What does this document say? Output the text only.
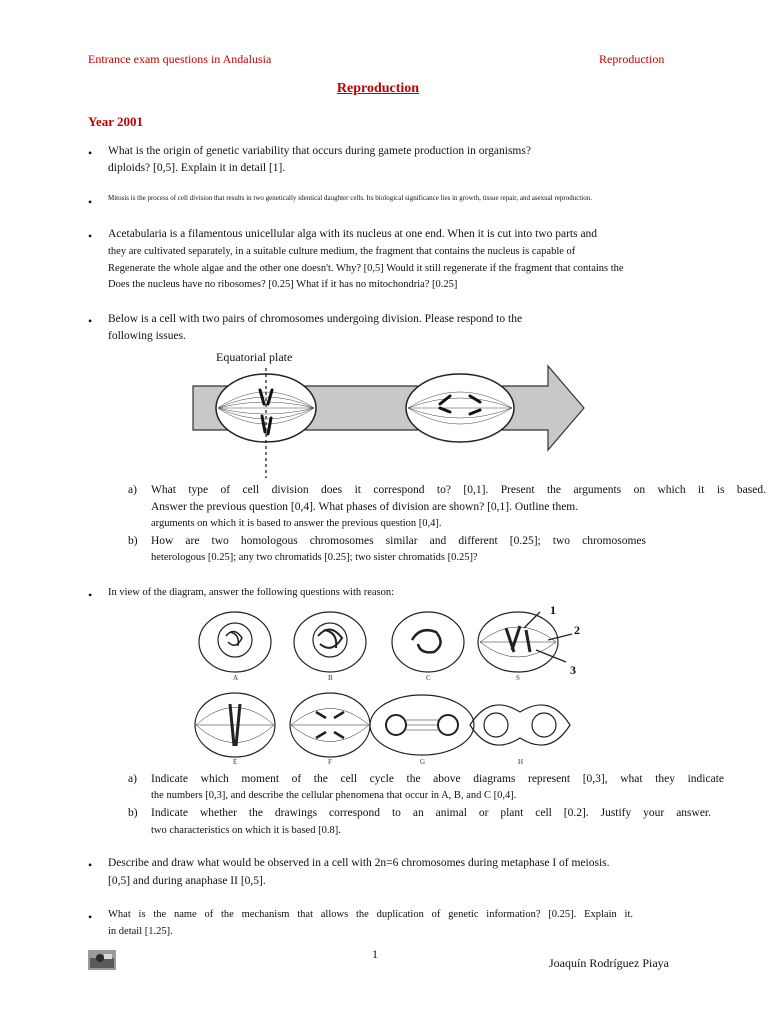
Entrance exam questions in Andalusia	Reproduction
Reproduction
Year 2001
• What is the origin of genetic variability that occurs during gamete production in organisms?
diploids? [0,5]. Explain it in detail [1].
• Mitosis is the process of cell division that results in two genetically identical daughter cells. Its biological significance lies in growth, tissue repair, and asexual reproduction.
• Acetabularia is a filamentous unicellular alga with its nucleus at one end. When it is cut into two parts and
they are cultivated separately, in a suitable culture medium, the fragment that contains the nucleus is capable of
Regenerate the whole algae and the other one doesn't. Why? [0,5] Would it still regenerate if the fragment that contains the
Does the nucleus have no ribosomes? [0.25] What if it has no mitochondria? [0.25]
• Below is a cell with two pairs of chromosomes undergoing division. Please respond to the
following issues.
Equatorial plate
a) What type of cell division does it correspond to? [0,1]. Present the arguments on which it is based.
Answer the previous question [0,4]. What phases of division are shown? [0,1]. Outline them.
arguments on which it is based to answer the previous question [0,4].
b) How are two homologous chromosomes similar and different [0.25]; two chromosomes
heterologous [0.25]; any two chromatids [0.25]; two sister chromatids [0.25]?
• In view of the diagram, answer the following questions with reason:
A	B	C	S
E	F	G	H
1
2
3
a) Indicate which moment of the cell cycle the above diagrams represent [0,3], what they indicate
the numbers [0,3], and describe the cellular phenomena that occur in A, B, and C [0,4].
b) Indicate whether the drawings correspond to an animal or plant cell [0.2]. Justify your answer.
two characteristics on which it is based [0.8].
• Describe and draw what would be observed in a cell with 2n=6 chromosomes during metaphase I of meiosis.
[0,5] and during anaphase II [0,5].
• What is the name of the mechanism that allows the duplication of genetic information? [0.25]. Explain it.
in detail [1.25].
1
Joaquín Rodríguez Piaya
